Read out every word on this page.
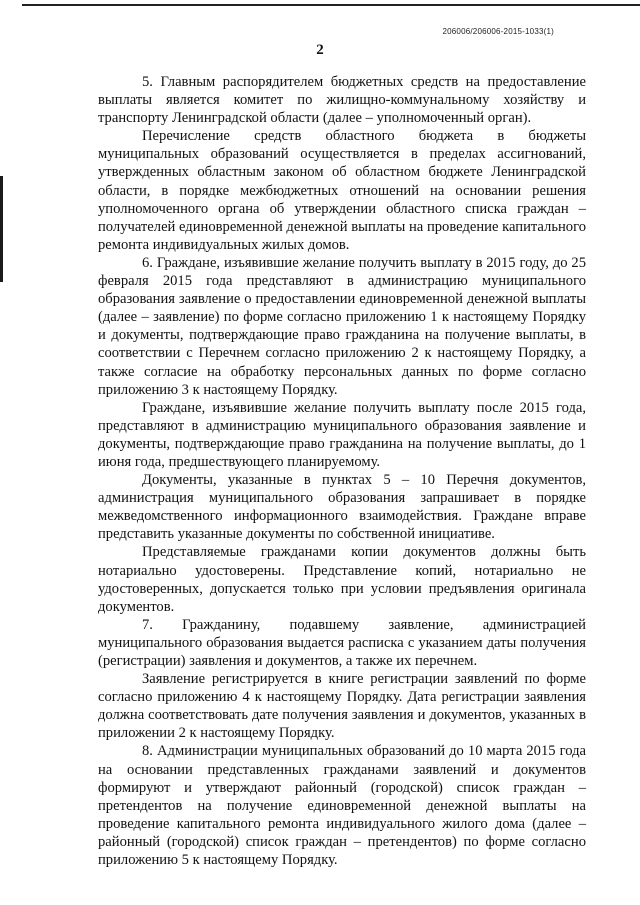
206006/206006-2015-1033(1)
2

5. Главным распорядителем бюджетных средств на предоставление выплаты является комитет по жилищно-коммунальному хозяйству и транспорту Ленинградской области (далее – уполномоченный орган).

Перечисление средств областного бюджета в бюджеты муниципальных образований осуществляется в пределах ассигнований, утвержденных областным законом об областном бюджете Ленинградской области, в порядке межбюджетных отношений на основании решения уполномоченного органа об утверждении областного списка граждан – получателей единовременной денежной выплаты на проведение капитального ремонта индивидуальных жилых домов.

6. Граждане, изъявившие желание получить выплату в 2015 году, до 25 февраля 2015 года представляют в администрацию муниципального образования заявление о предоставлении единовременной денежной выплаты (далее – заявление) по форме согласно приложению 1 к настоящему Порядку и документы, подтверждающие право гражданина на получение выплаты, в соответствии с Перечнем согласно приложению 2 к настоящему Порядку, а также согласие на обработку персональных данных по форме согласно приложению 3 к настоящему Порядку.

Граждане, изъявившие желание получить выплату после 2015 года, представляют в администрацию муниципального образования заявление и документы, подтверждающие право гражданина на получение выплаты, до 1 июня года, предшествующего планируемому.

Документы, указанные в пунктах 5 – 10 Перечня документов, администрация муниципального образования запрашивает в порядке межведомственного информационного взаимодействия. Граждане вправе представить указанные документы по собственной инициативе.

Представляемые гражданами копии документов должны быть нотариально удостоверены. Представление копий, нотариально не удостоверенных, допускается только при условии предъявления оригинала документов.

7. Гражданину, подавшему заявление, администрацией муниципального образования выдается расписка с указанием даты получения (регистрации) заявления и документов, а также их перечнем.

Заявление регистрируется в книге регистрации заявлений по форме согласно приложению 4 к настоящему Порядку. Дата регистрации заявления должна соответствовать дате получения заявления и документов, указанных в приложении 2 к настоящему Порядку.

8. Администрации муниципальных образований до 10 марта 2015 года на основании представленных гражданами заявлений и документов формируют и утверждают районный (городской) список граждан – претендентов на получение единовременной денежной выплаты на проведение капитального ремонта индивидуального жилого дома (далее – районный (городской) список граждан – претендентов) по форме согласно приложению 5 к настоящему Порядку.
